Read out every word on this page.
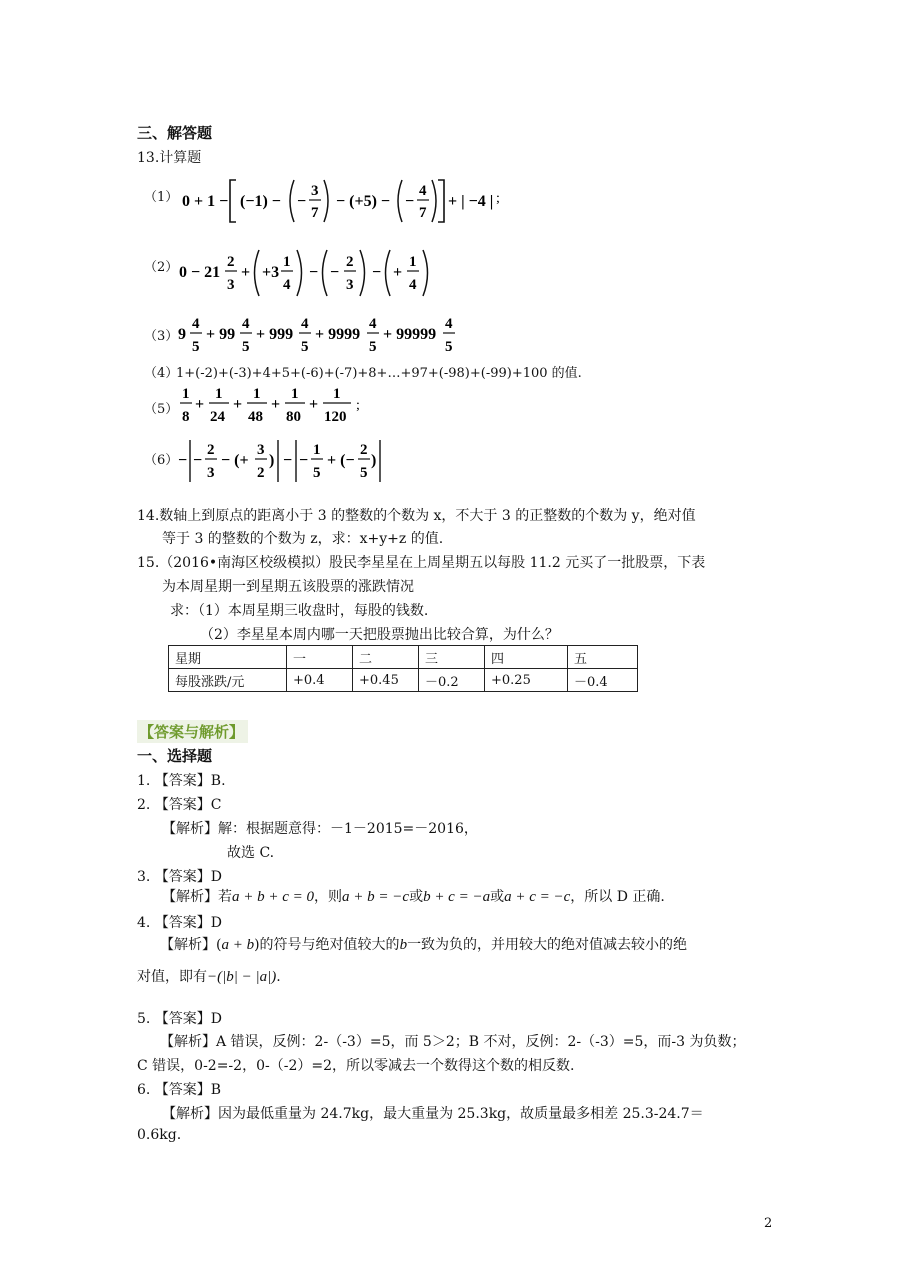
三、解答题
13.计算题
（1） 0 + 1 − (−1) − −
3
7
− (+5) − −
4
7
+ | −4 | ;
（2） 0 − 21
2
3
+ +3
1
4
− −
2
3
− +
1
4
（3） 9
4
5
+ 99
4
5
+ 999
4
5
+ 9999
4
5
+ 99999
4
5
（4）
1+(-2)+(-3)+4+5+(-6)+(-7)+8+…+97+(-98)+(-99)+100 的值.
（5）
1
8
+
1
24
+
1
48
+
1
80
+
1
120
;
（6） − −
2
3
− (+
3
2
) − −
1
5
+ (−
2
5
)
14.数轴上到原点的距离小于 3 的整数的个数为 x，不大于 3 的正整数的个数为 y，绝对值
等于 3 的整数的个数为 z，求：x+y+z 的值.
15.（2016•南海区校级模拟）股民李星星在上周星期五以每股 11.2 元买了一批股票，下表
为本周星期一到星期五该股票的涨跌情况
求：（1）本周星期三收盘时，每股的钱数.
（2）李星星本周内哪一天把股票抛出比较合算，为什么？
星期	一	二	三	四	五
每股涨跌/元	+0.4	+0.45	－0.2	+0.25	－0.4
【答案与解析】
一、选择题
1. 【答案】B.
2. 【答案】C
【解析】解：根据题意得：－1－2015=－2016，
故选 C.
3. 【答案】D
【解析】若a + b + c = 0，则a + b = −c或b + c = −a或a + c = −c，所以 D 正确.
4. 【答案】D
【解析】(a + b)的符号与绝对值较大的b一致为负的，并用较大的绝对值减去较小的绝
对值，即有−(|b| − |a|).
5. 【答案】D
【解析】A 错误，反例：2-（-3）=5，而 5＞2；B 不对，反例：2-（-3）=5，而-3 为负数；
C 错误，0-2=-2，0-（-2）=2，所以零减去一个数得这个数的相反数.
6. 【答案】B
【解析】因为最低重量为 24.7kg，最大重量为 25.3kg，故质量最多相差 25.3-24.7＝
0.6kg.
2
